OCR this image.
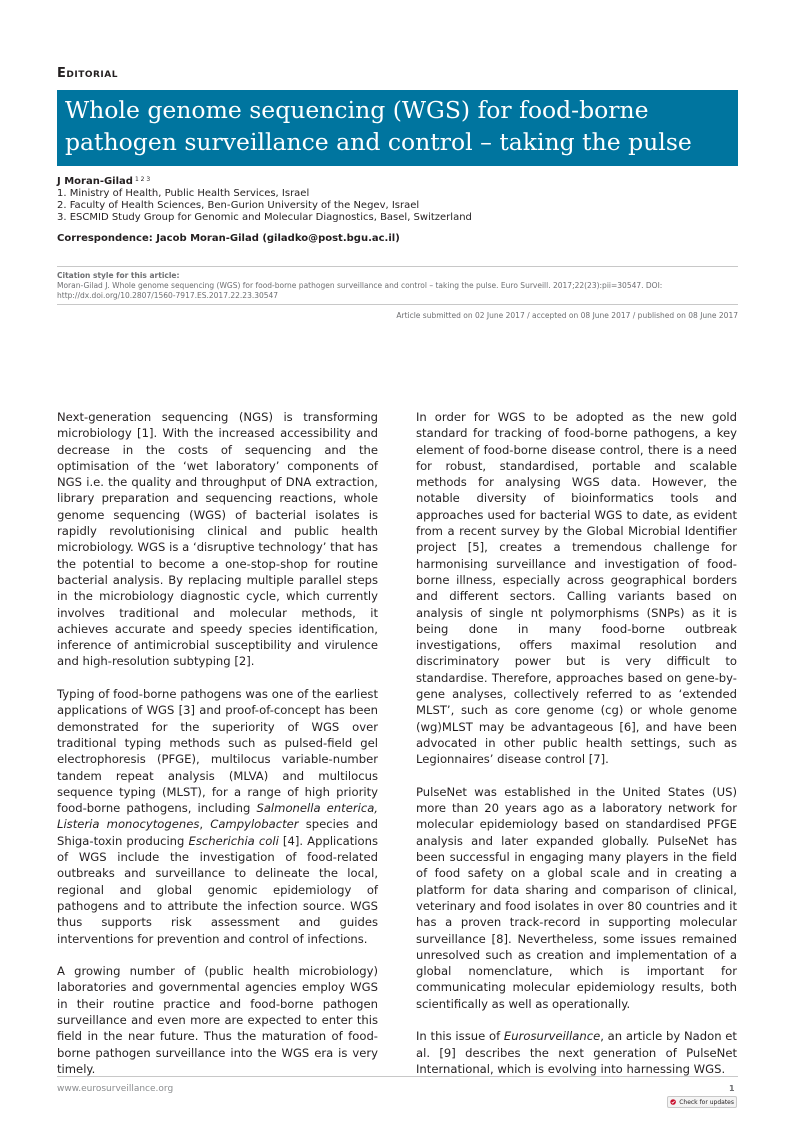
Editorial
Whole genome sequencing (WGS) for food-borne
pathogen surveillance and control – taking the pulse
J Moran-Gilad $^{1 2 3}$
1. Ministry of Health, Public Health Services, Israel
2. Faculty of Health Sciences, Ben-Gurion University of the Negev, Israel
3. ESCMID Study Group for Genomic and Molecular Diagnostics, Basel, Switzerland
Correspondence: Jacob Moran-Gilad (giladko@post.bgu.ac.il)
Citation style for this article:
Moran-Gilad J. Whole genome sequencing (WGS) for food-borne pathogen surveillance and control – taking the pulse. Euro Surveill. 2017;22(23):pii=30547. DOI: http://dx.doi.org/10.2807/1560-7917.ES.2017.22.23.30547
Article submitted on 02 June 2017 / accepted on 08 June 2017 / published on 08 June 2017

Next-generation sequencing (NGS) is transforming microbiology [1]. With the increased accessibility and decrease in the costs of sequencing and the optimisation of the ‘wet laboratory’ components of NGS i.e. the quality and throughput of DNA extraction, library preparation and sequencing reactions, whole genome sequencing (WGS) of bacterial isolates is rapidly revolutionising clinical and public health microbiology. WGS is a ‘disruptive technology’ that has the potential to become a one-stop-shop for routine bacterial analysis. By replacing multiple parallel steps in the microbiology diagnostic cycle, which currently involves traditional and molecular methods, it achieves accurate and speedy species identification, inference of antimicrobial susceptibility and virulence and high-resolution subtyping [2].

Typing of food-borne pathogens was one of the earliest applications of WGS [3] and proof-of-concept has been demonstrated for the superiority of WGS over traditional typing methods such as pulsed-field gel electrophoresis (PFGE), multilocus variable-number tandem repeat analysis (MLVA) and multilocus sequence typing (MLST), for a range of high priority food-borne pathogens, including Salmonella enterica, Listeria monocytogenes, Campylobacter species and Shiga-toxin producing Escherichia coli [4]. Applications of WGS include the investigation of food-related outbreaks and surveillance to delineate the local, regional and global genomic epidemiology of pathogens and to attribute the infection source. WGS thus supports risk assessment and guides interventions for prevention and control of infections.

A growing number of (public health microbiology) laboratories and governmental agencies employ WGS in their routine practice and food-borne pathogen surveillance and even more are expected to enter this field in the near future. Thus the maturation of food-borne pathogen surveillance into the WGS era is very timely.

In order for WGS to be adopted as the new gold standard for tracking of food-borne pathogens, a key element of food-borne disease control, there is a need for robust, standardised, portable and scalable methods for analysing WGS data. However, the notable diversity of bioinformatics tools and approaches used for bacterial WGS to date, as evident from a recent survey by the Global Microbial Identifier project [5], creates a tremendous challenge for harmonising surveillance and investigation of food-borne illness, especially across geographical borders and different sectors. Calling variants based on analysis of single nt polymorphisms (SNPs) as it is being done in many food-borne outbreak investigations, offers maximal resolution and discriminatory power but is very difficult to standardise. Therefore, approaches based on gene-by-gene analyses, collectively referred to as ‘extended MLST’, such as core genome (cg) or whole genome (wg)MLST may be advantageous [6], and have been advocated in other public health settings, such as Legionnaires’ disease control [7].

PulseNet was established in the United States (US) more than 20 years ago as a laboratory network for molecular epidemiology based on standardised PFGE analysis and later expanded globally. PulseNet has been successful in engaging many players in the field of food safety on a global scale and in creating a platform for data sharing and comparison of clinical, veterinary and food isolates in over 80 countries and it has a proven track-record in supporting molecular surveillance [8]. Nevertheless, some issues remained unresolved such as creation and implementation of a global nomenclature, which is important for communicating molecular epidemiology results, both scientifically as well as operationally.

In this issue of Eurosurveillance, an article by Nadon et al. [9] describes the next generation of PulseNet International, which is evolving into harnessing WGS.

www.eurosurveillance.org	1
Check for updates
